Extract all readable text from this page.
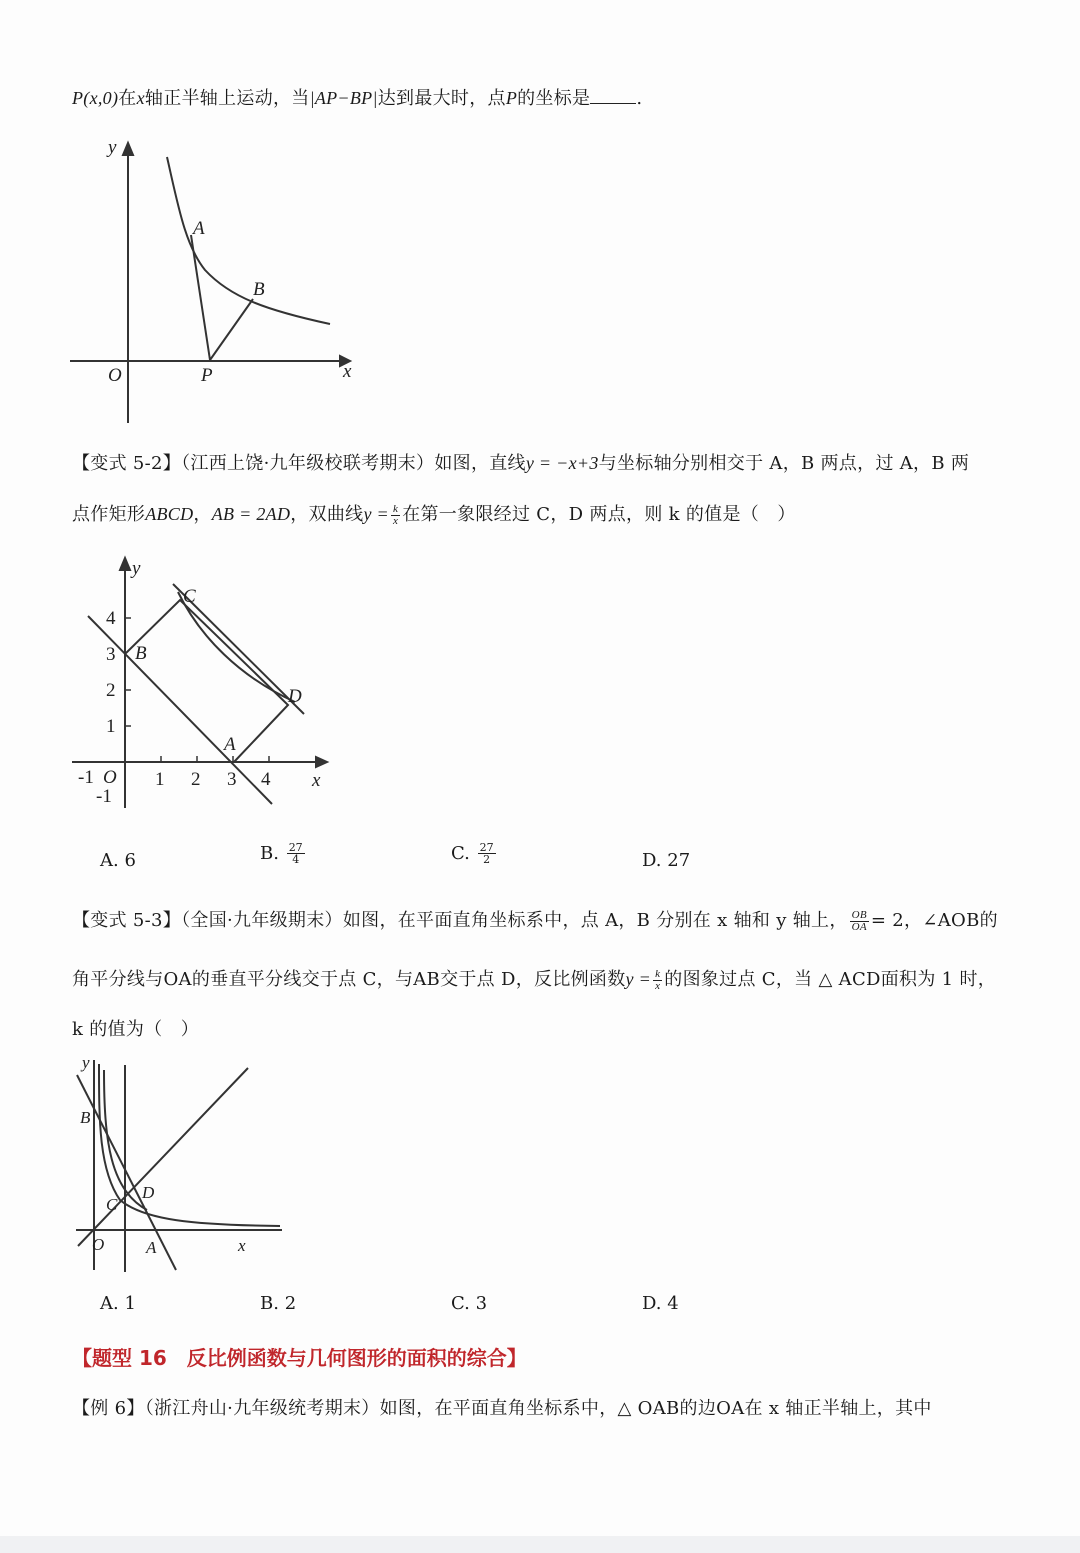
P(x,0)在x轴正半轴上运动，当|AP−BP|达到最大时，点P的坐标是	.
y
x
O
A
B
P
【变式 5-2】（江西上饶·九年级校联考期末）如图，直线y = −x+3与坐标轴分别相交于 A，B 两点，过 A，B 两
点作矩形ABCD，AB = 2AD，双曲线$y = \frac{k}{x}$ 在第一象限经过 C，D 两点，则 k 的值是（　）
y
x
O
A
B
C
D
-1	1 2 3 4
4
3
2
1
-1
A. 6	B. $\frac{27}{4}$	C. $\frac{27}{2}$	D. 27
【变式 5-3】（全国·九年级期末）如图，在平面直角坐标系中，点 A，B 分别在 x 轴和 y 轴上， $\frac{OB}{OA} = 2$，∠AOB的
角平分线与OA的垂直平分线交于点 C，与AB交于点 D，反比例函数$y = \frac{k}{x}$ 的图象过点 C，当 △ ACD面积为 1 时，
k 的值为（　）
y
x
O A
B
C
D
A. 1	B. 2	C. 3	D. 4
【题型 16　反比例函数与几何图形的面积的综合】
【例 6】（浙江舟山·九年级统考期末）如图，在平面直角坐标系中，△ OAB的边OA在 x 轴正半轴上，其中
